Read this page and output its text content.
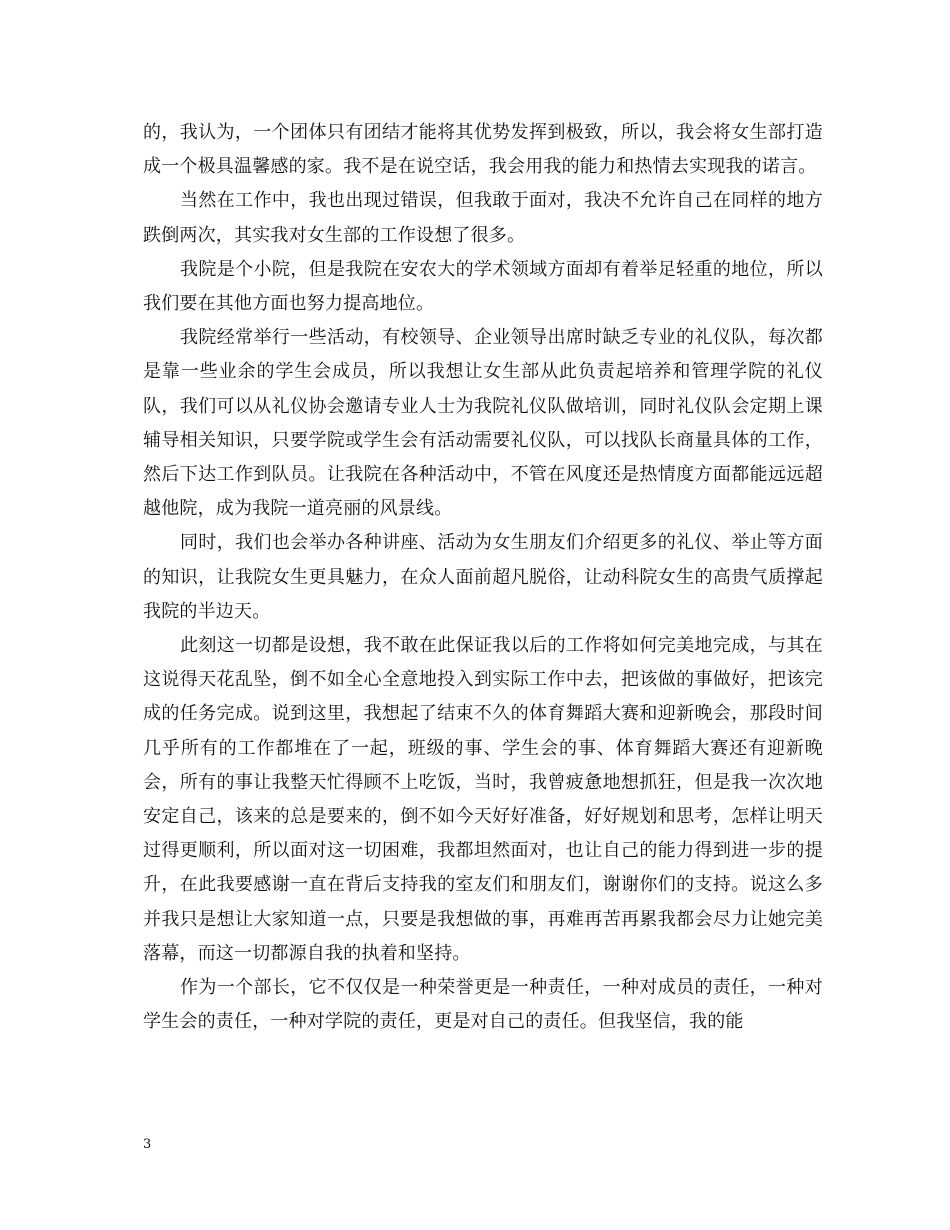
的，我认为，一个团体只有团结才能将其优势发挥到极致，所以，我会将女生部打造成一个极具温馨感的家。我不是在说空话，我会用我的能力和热情去实现我的诺言。

当然在工作中，我也出现过错误，但我敢于面对，我决不允许自己在同样的地方跌倒两次，其实我对女生部的工作设想了很多。

我院是个小院，但是我院在安农大的学术领域方面却有着举足轻重的地位，所以我们要在其他方面也努力提高地位。

我院经常举行一些活动，有校领导、企业领导出席时缺乏专业的礼仪队，每次都是靠一些业余的学生会成员，所以我想让女生部从此负责起培养和管理学院的礼仪队，我们可以从礼仪协会邀请专业人士为我院礼仪队做培训，同时礼仪队会定期上课辅导相关知识，只要学院或学生会有活动需要礼仪队，可以找队长商量具体的工作，然后下达工作到队员。让我院在各种活动中，不管在风度还是热情度方面都能远远超越他院，成为我院一道亮丽的风景线。

同时，我们也会举办各种讲座、活动为女生朋友们介绍更多的礼仪、举止等方面的知识，让我院女生更具魅力，在众人面前超凡脱俗，让动科院女生的高贵气质撑起我院的半边天。

此刻这一切都是设想，我不敢在此保证我以后的工作将如何完美地完成，与其在这说得天花乱坠，倒不如全心全意地投入到实际工作中去，把该做的事做好，把该完成的任务完成。说到这里，我想起了结束不久的体育舞蹈大赛和迎新晚会，那段时间几乎所有的工作都堆在了一起，班级的事、学生会的事、体育舞蹈大赛还有迎新晚会，所有的事让我整天忙得顾不上吃饭，当时，我曾疲惫地想抓狂，但是我一次次地安定自己，该来的总是要来的，倒不如今天好好准备，好好规划和思考，怎样让明天过得更顺利，所以面对这一切困难，我都坦然面对，也让自己的能力得到进一步的提升，在此我要感谢一直在背后支持我的室友们和朋友们，谢谢你们的支持。说这么多并我只是想让大家知道一点，只要是我想做的事，再难再苦再累我都会尽力让她完美落幕，而这一切都源自我的执着和坚持。

作为一个部长，它不仅仅是一种荣誉更是一种责任，一种对成员的责任，一种对学生会的责任，一种对学院的责任，更是对自己的责任。但我坚信，我的能

3
